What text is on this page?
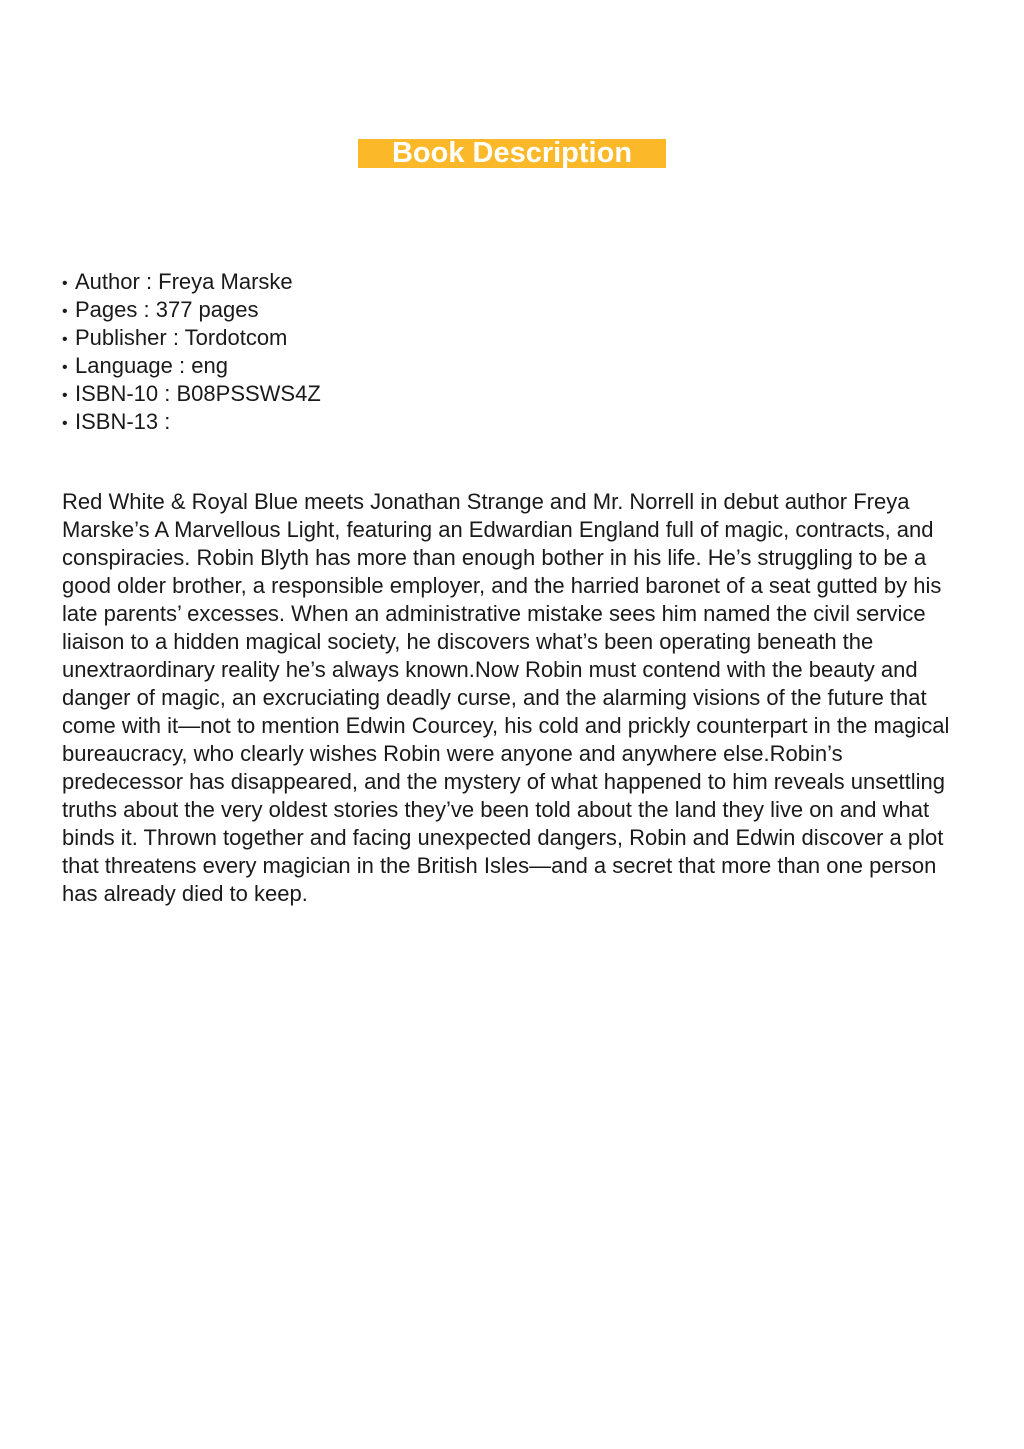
Book Description
• Author : Freya Marske
• Pages : 377 pages
• Publisher : Tordotcom
• Language : eng
• ISBN-10 : B08PSSWS4Z
• ISBN-13 :

Red White & Royal Blue meets Jonathan Strange and Mr. Norrell in debut author Freya Marske’s A Marvellous Light, featuring an Edwardian England full of magic, contracts, and conspiracies. Robin Blyth has more than enough bother in his life. He’s struggling to be a good older brother, a responsible employer, and the harried baronet of a seat gutted by his late parents’ excesses. When an administrative mistake sees him named the civil service liaison to a hidden magical society, he discovers what’s been operating beneath the unextraordinary reality he’s always known.Now Robin must contend with the beauty and danger of magic, an excruciating deadly curse, and the alarming visions of the future that come with it—not to mention Edwin Courcey, his cold and prickly counterpart in the magical bureaucracy, who clearly wishes Robin were anyone and anywhere else.Robin’s predecessor has disappeared, and the mystery of what happened to him reveals unsettling truths about the very oldest stories they’ve been told about the land they live on and what binds it. Thrown together and facing unexpected dangers, Robin and Edwin discover a plot that threatens every magician in the British Isles—and a secret that more than one person has already died to keep.
